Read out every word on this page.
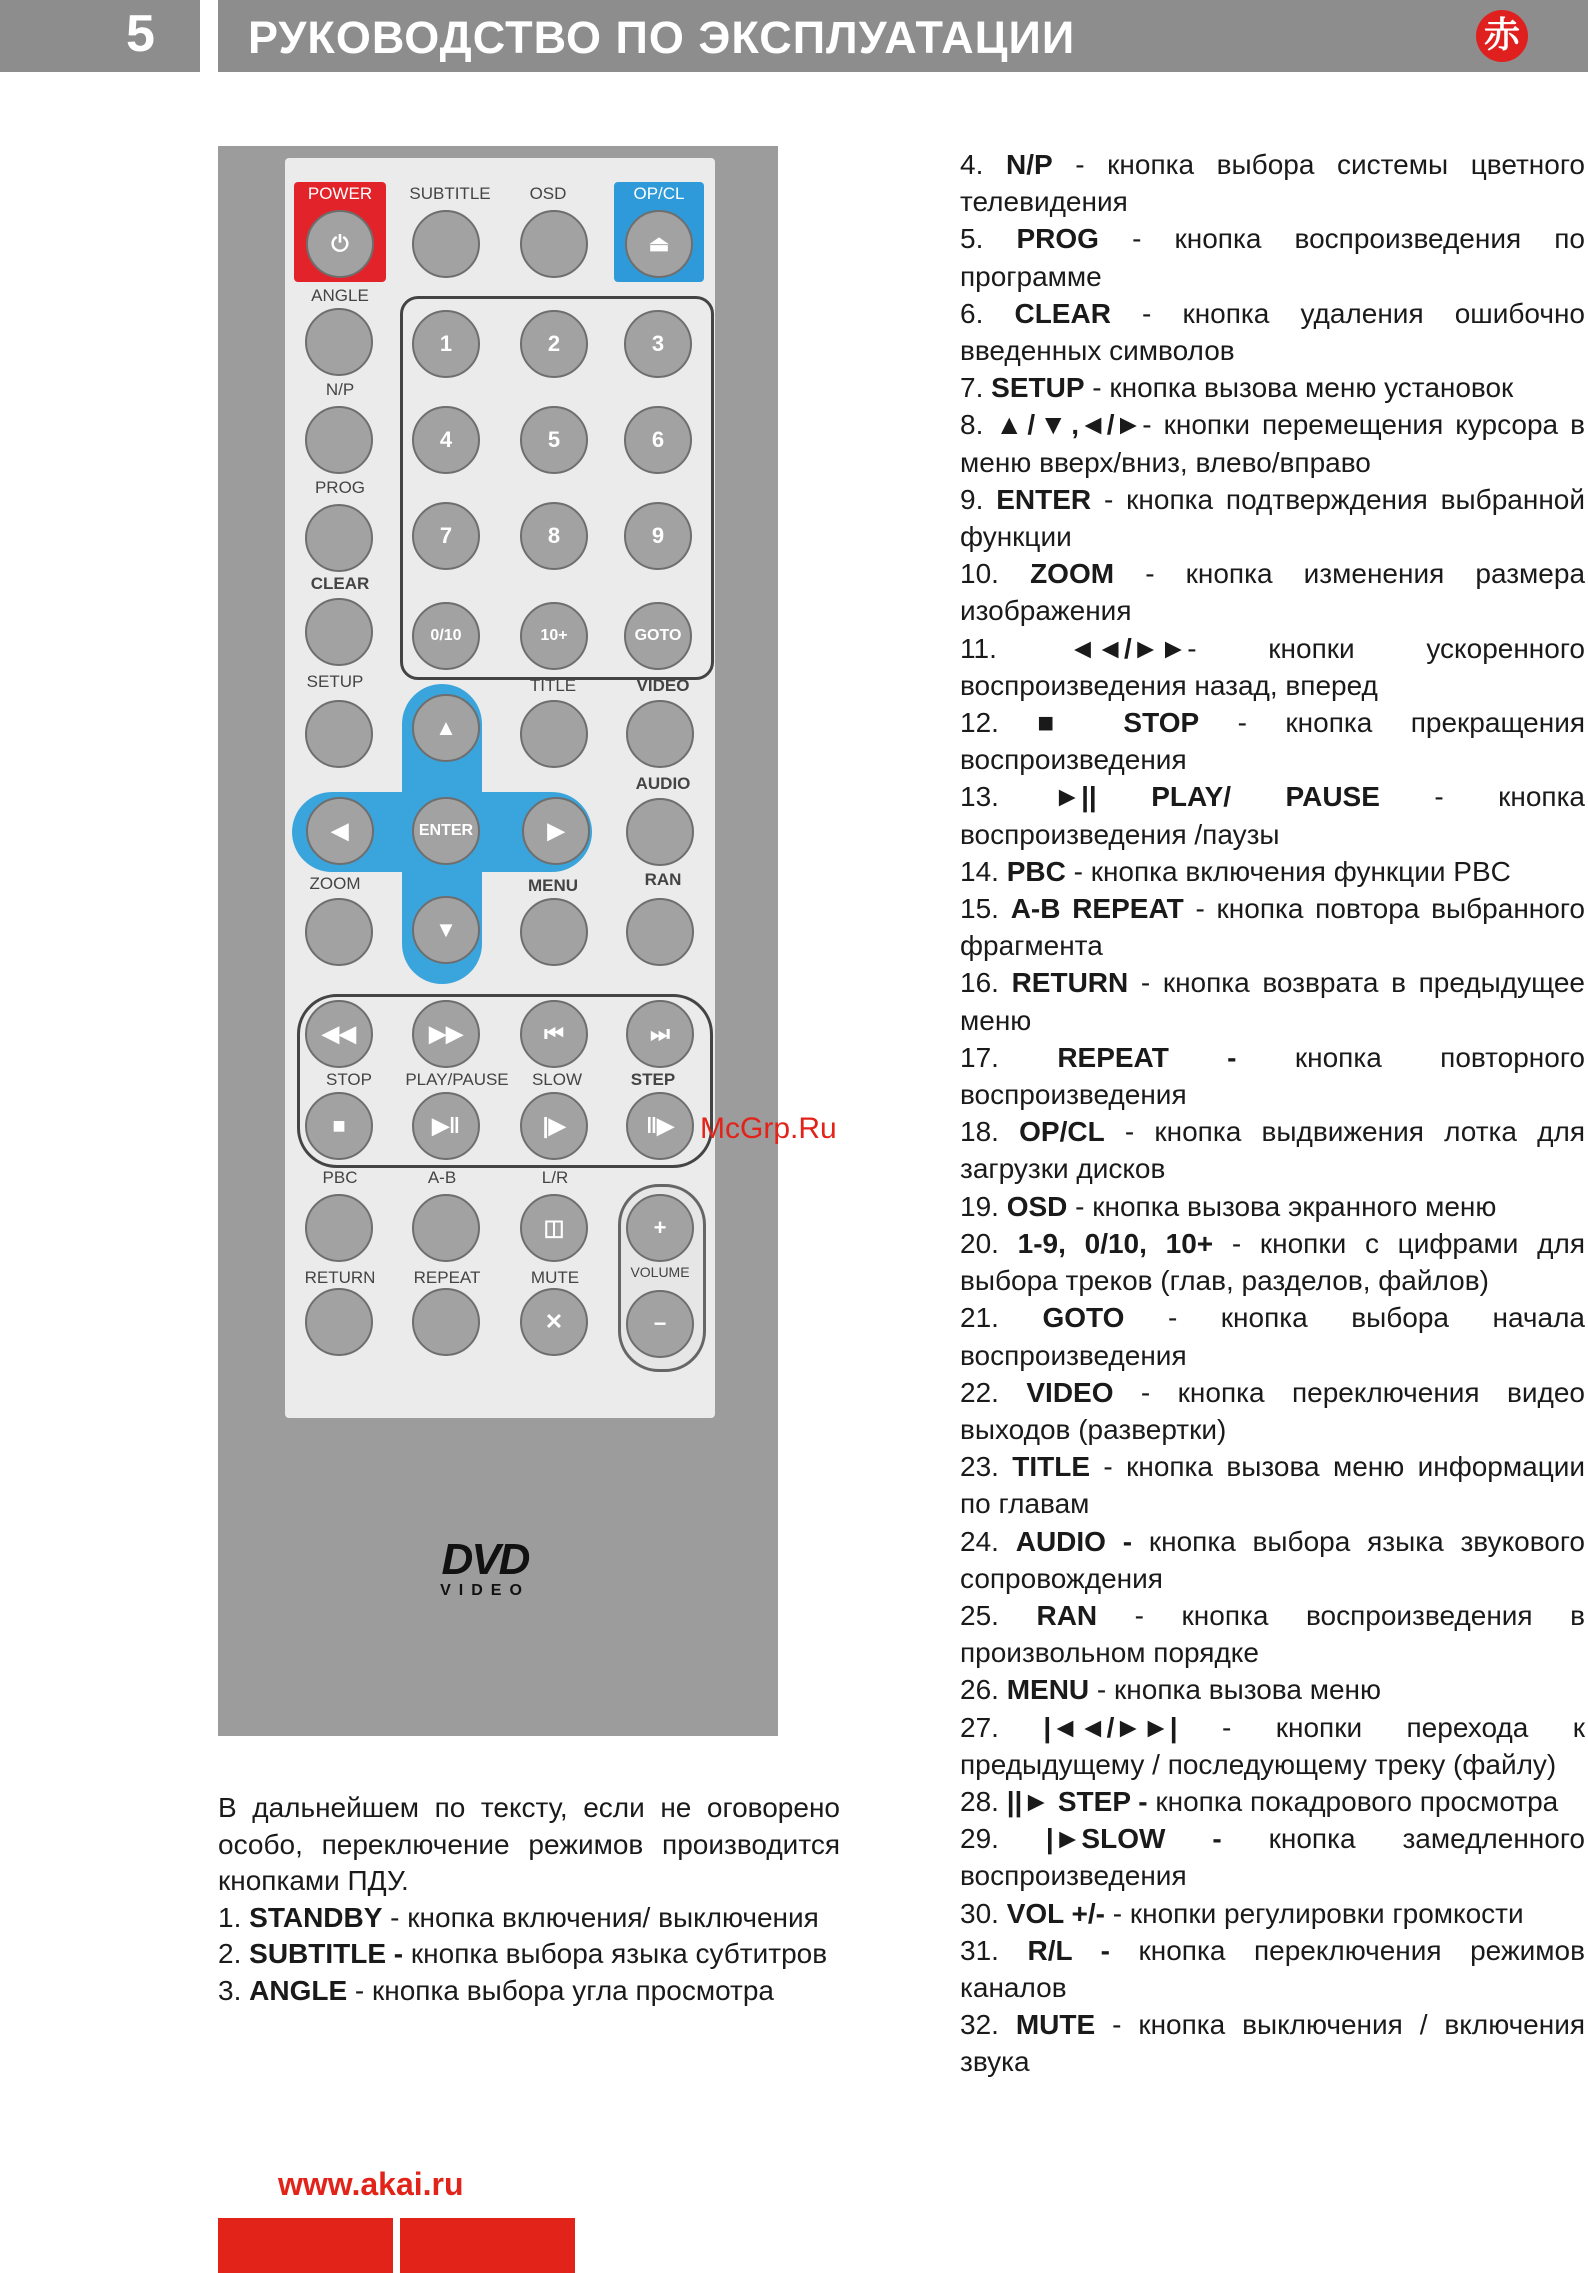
5 РУКОВОДСТВО ПО ЭКСПЛУАТАЦИИ	赤
POWER
⏻
SUBTITLE	OSD	OP/CL
⏏
ANGLE
N/P
PROG
CLEAR
SETUP
ZOOM
1	2	3
4	5	6
7	8	9
0/10	10+	GOTO
TITLE	VIDEO
AUDIO
RAN
MENU
▲
▼
◀	▶
ENTER
◀◀	▶▶	⏮	⏭
STOP	PLAY/PAUSE	SLOW	STEP
■	▶‖	|▶	‖▶
PBC	A-B	L/R
◫
RETURN	REPEAT	MUTE
✕
+
VOLUME
−
DVD
VIDEO
McGrp.Ru

В дальнейшем по тексту, если не оговорено особо, переключение режимов производится кнопками ПДУ.

1. STANDBY - кнопка включения/ выключения

2. SUBTITLE - кнопка выбора языка субтитров

3. ANGLE - кнопка выбора угла просмотра

4. N/P - кнопка выбора системы цветного телевидения

5. PROG - кнопка воспроизведения по программе

6. CLEAR - кнопка удаления ошибочно введенных символов

7. SETUP - кнопка вызова меню установок

8. ▲/▼,◄/►- кнопки перемещения курсора в меню вверх/вниз, влево/вправо

9. ENTER - кнопка подтверждения выбранной функции

10. ZOOM - кнопка изменения размера изображения

11. ◄◄/►►- кнопки ускоренного воспроизведения назад, вперед

12. ■ STOP - кнопка прекращения воспроизведения

13. ►|| PLAY/ PAUSE - кнопка воспроизведения /паузы

14. PBC - кнопка включения функции PBC

15. A-B REPEAT - кнопка повтора выбранного фрагмента

16. RETURN - кнопка возврата в предыдущее меню

17. REPEAT - кнопка повторного воспроизведения

18. OP/CL - кнопка выдвижения лотка для загрузки дисков

19. OSD - кнопка вызова экранного меню

20. 1-9, 0/10, 10+ - кнопки с цифрами для выбора треков (глав, разделов, файлов)

21. GOTO - кнопка выбора начала воспроизведения

22. VIDEO - кнопка переключения видео выходов (развертки)

23. TITLE - кнопка вызова меню информации по главам

24. AUDIO - кнопка выбора языка звукового сопровождения

25. RAN - кнопка воспроизведения в произвольном порядке

26. MENU - кнопка вызова меню

27. |◄◄/►►| - кнопки перехода к предыдущему / последующему треку (файлу)

28. ||► STEP - кнопка покадрового просмотра

29. |►SLOW - кнопка замедленного воспроизведения

30. VOL +/- - кнопки регулировки громкости

31. R/L - кнопка переключения режимов каналов

32. MUTE - кнопка выключения / включения звука

www.akai.ru
